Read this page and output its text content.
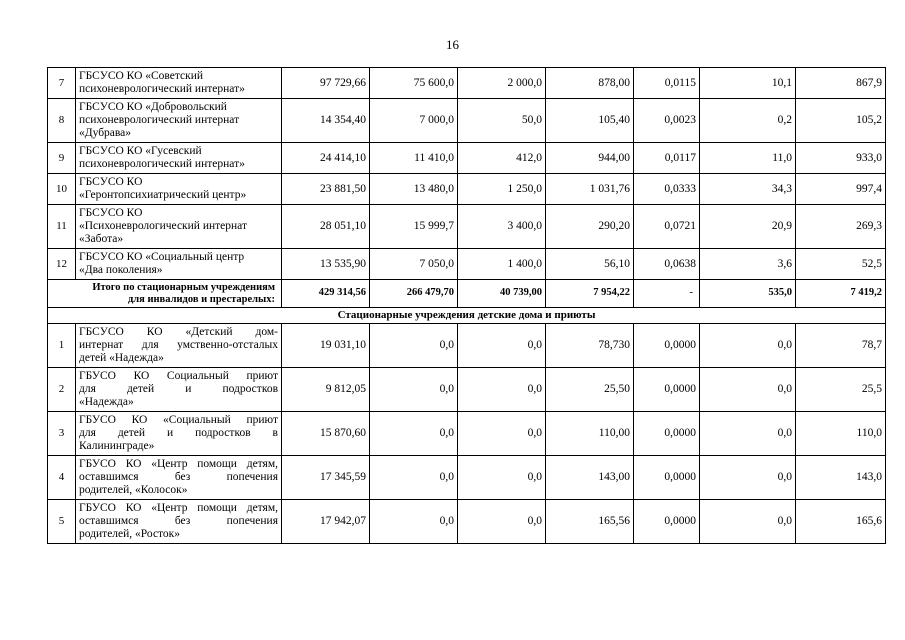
16
7	ГБСУСО КО «Советский
психоневрологический интернат»	97 729,66	75 600,0	2 000,0	878,00	0,0115	10,1	867,9
8	ГБСУСО КО «Добровольский
психоневрологический интернат
«Дубрава»	14 354,40	7 000,0	50,0	105,40	0,0023	0,2	105,2
9	ГБСУСО КО «Гусевский
психоневрологический интернат»	24 414,10	11 410,0	412,0	944,00	0,0117	11,0	933,0
10	ГБСУСО КО
«Геронтопсихиатрический центр»	23 881,50	13 480,0	1 250,0	1 031,76	0,0333	34,3	997,4
11	ГБСУСО КО
«Психоневрологический интернат
«Забота»	28 051,10	15 999,7	3 400,0	290,20	0,0721	20,9	269,3
12	ГБСУСО КО «Социальный центр
«Два поколения»	13 535,90	7 050,0	1 400,0	56,10	0,0638	3,6	52,5

Итого по стационарным учреждениям
для инвалидов и престарелых:		429 314,56	266 479,70	40 739,00	7 954,22	-	535,0	7 419,2
Стационарные учреждения детские дома и приюты								
1	ГБСУСО КО «Детский дом-
интернат для умственно-отсталых
детей «Надежда»	19 031,10	0,0	0,0	78,730	0,0000	0,0	78,7
2	ГБУСО КО Социальный приют
для детей и подростков
«Надежда»	9 812,05	0,0	0,0	25,50	0,0000	0,0	25,5
3	ГБУСО КО «Социальный приют
для детей и подростков в
Калининграде»	15 870,60	0,0	0,0	110,00	0,0000	0,0	110,0
4	ГБУСО КО «Центр помощи детям,
оставшимся без попечения
родителей, «Колосок»	17 345,59	0,0	0,0	143,00	0,0000	0,0	143,0
5	ГБУСО КО «Центр помощи детям,
оставшимся без попечения
родителей, «Росток»	17 942,07	0,0	0,0	165,56	0,0000	0,0	165,6
